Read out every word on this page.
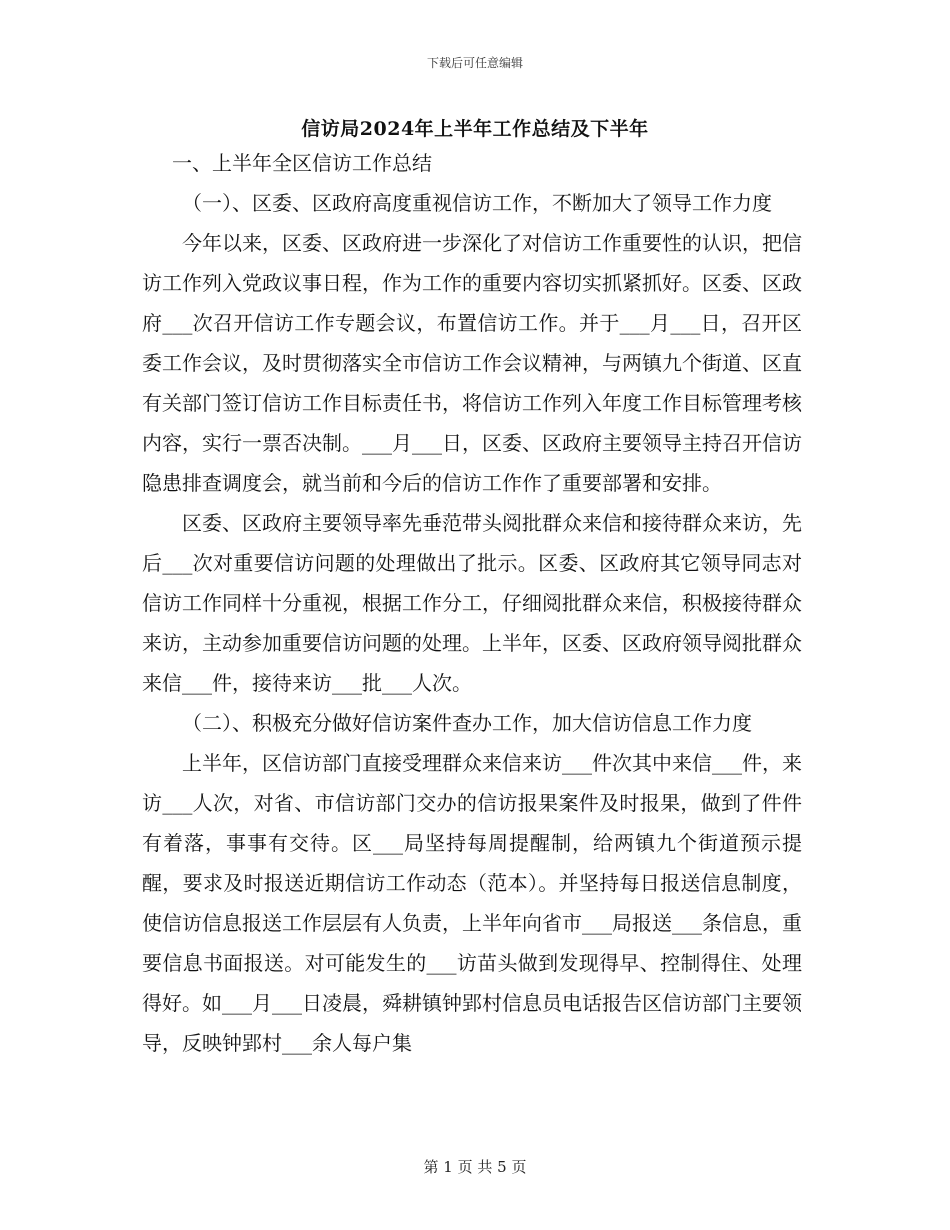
下载后可任意编辑
信访局2024年上半年工作总结及下半年

一、上半年全区信访工作总结

（一）、区委、区政府高度重视信访工作，不断加大了领导工作力度

今年以来，区委、区政府进一步深化了对信访工作重要性的认识，把信访工作列入党政议事日程，作为工作的重要内容切实抓紧抓好。区委、区政府___次召开信访工作专题会议，布置信访工作。并于___月___日，召开区委工作会议，及时贯彻落实全市信访工作会议精神，与两镇九个街道、区直有关部门签订信访工作目标责任书，将信访工作列入年度工作目标管理考核内容，实行一票否决制。___月___日，区委、区政府主要领导主持召开信访隐患排查调度会，就当前和今后的信访工作作了重要部署和安排。

区委、区政府主要领导率先垂范带头阅批群众来信和接待群众来访，先后___次对重要信访问题的处理做出了批示。区委、区政府其它领导同志对信访工作同样十分重视，根据工作分工，仔细阅批群众来信，积极接待群众来访，主动参加重要信访问题的处理。上半年，区委、区政府领导阅批群众来信___件，接待来访___批___人次。

（二）、积极充分做好信访案件查办工作，加大信访信息工作力度

上半年，区信访部门直接受理群众来信来访___件次其中来信___件，来访___人次，对省、市信访部门交办的信访报果案件及时报果，做到了件件有着落，事事有交待。区___局坚持每周提醒制，给两镇九个街道预示提醒，要求及时报送近期信访工作动态（范本）。并坚持每日报送信息制度，使信访信息报送工作层层有人负责，上半年向省市___局报送___条信息，重要信息书面报送。对可能发生的___访苗头做到发现得早、控制得住、处理得好。如___月___日凌晨，舜耕镇钟郢村信息员电话报告区信访部门主要领导，反映钟郢村___余人每户集

第 1 页 共 5 页
